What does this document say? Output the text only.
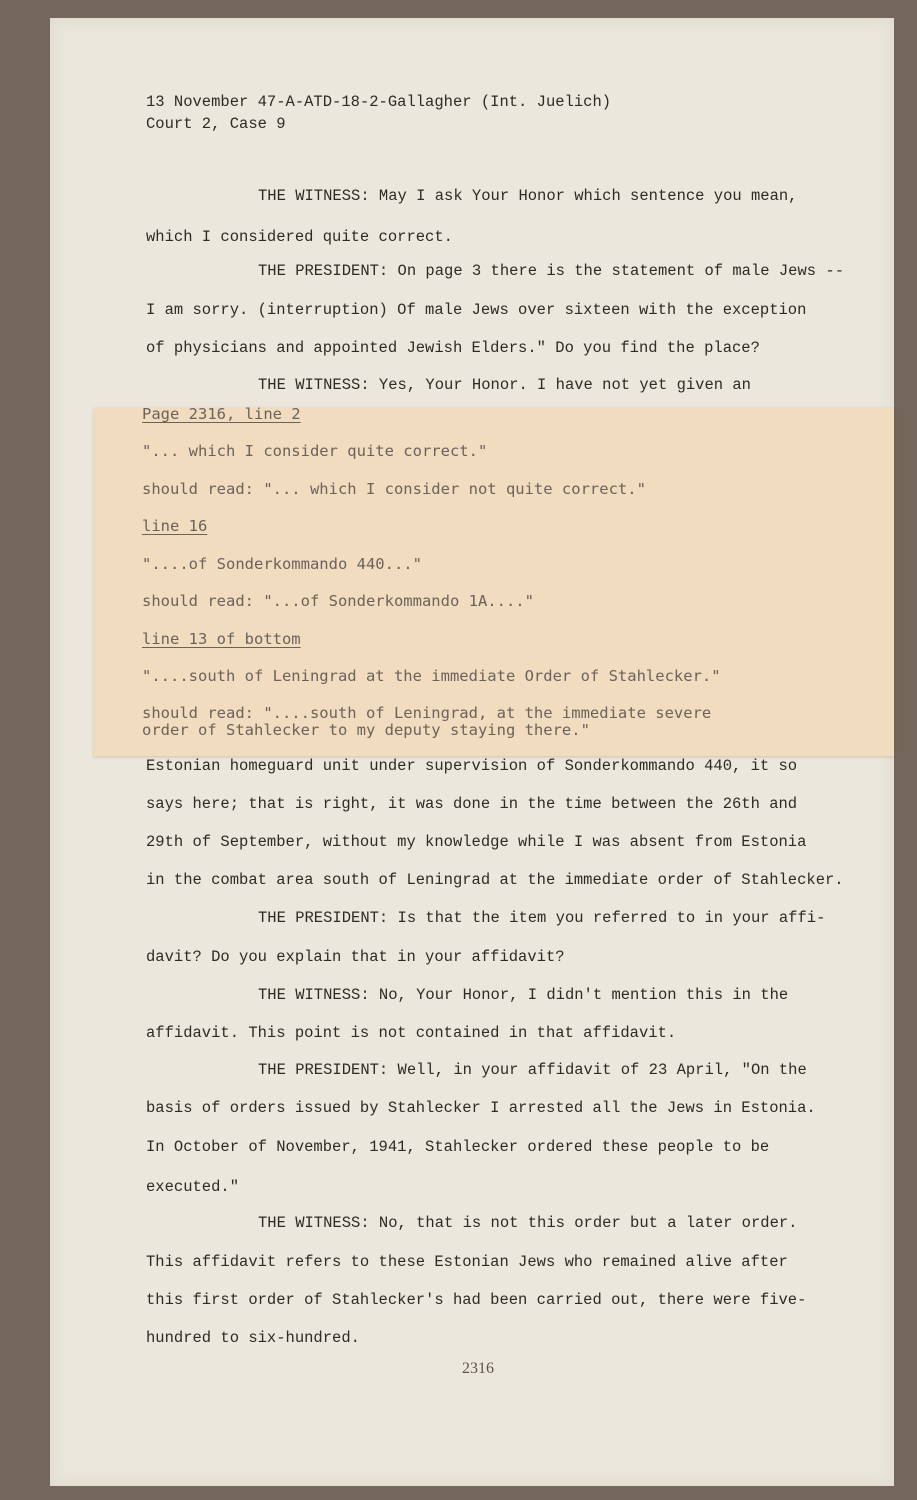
13 November 47-A-ATD-18-2-Gallagher (Int. Juelich)
Court 2, Case 9
THE WITNESS: May I ask Your Honor which sentence you mean,
which I considered quite correct.
THE PRESIDENT: On page 3 there is the statement of male Jews --
I am sorry. (interruption) Of male Jews over sixteen with the exception
of physicians and appointed Jewish Elders." Do you find the place?
THE WITNESS: Yes, Your Honor. I have not yet given an
Page 2316, line 2
"... which I consider quite correct."
should read: "... which I consider not quite correct."
line 16
"....of Sonderkommando 440..."
should read: "...of Sonderkommando 1A...."
line 13 of bottom
"....south of Leningrad at the immediate Order of Stahlecker."
should read: "....south of Leningrad, at the immediate severe
order of Stahlecker to my deputy staying there."
Estonian homeguard unit under supervision of Sonderkommando 440, it so
says here; that is right, it was done in the time between the 26th and
29th of September, without my knowledge while I was absent from Estonia
in the combat area south of Leningrad at the immediate order of Stahlecker.
THE PRESIDENT: Is that the item you referred to in your affi-
davit? Do you explain that in your affidavit?
THE WITNESS: No, Your Honor, I didn't mention this in the
affidavit. This point is not contained in that affidavit.
THE PRESIDENT: Well, in your affidavit of 23 April, "On the
basis of orders issued by Stahlecker I arrested all the Jews in Estonia.
In October of November, 1941, Stahlecker ordered these people to be
executed."
THE WITNESS: No, that is not this order but a later order.
This affidavit refers to these Estonian Jews who remained alive after
this first order of Stahlecker's had been carried out, there were five-
hundred to six-hundred.
2316
